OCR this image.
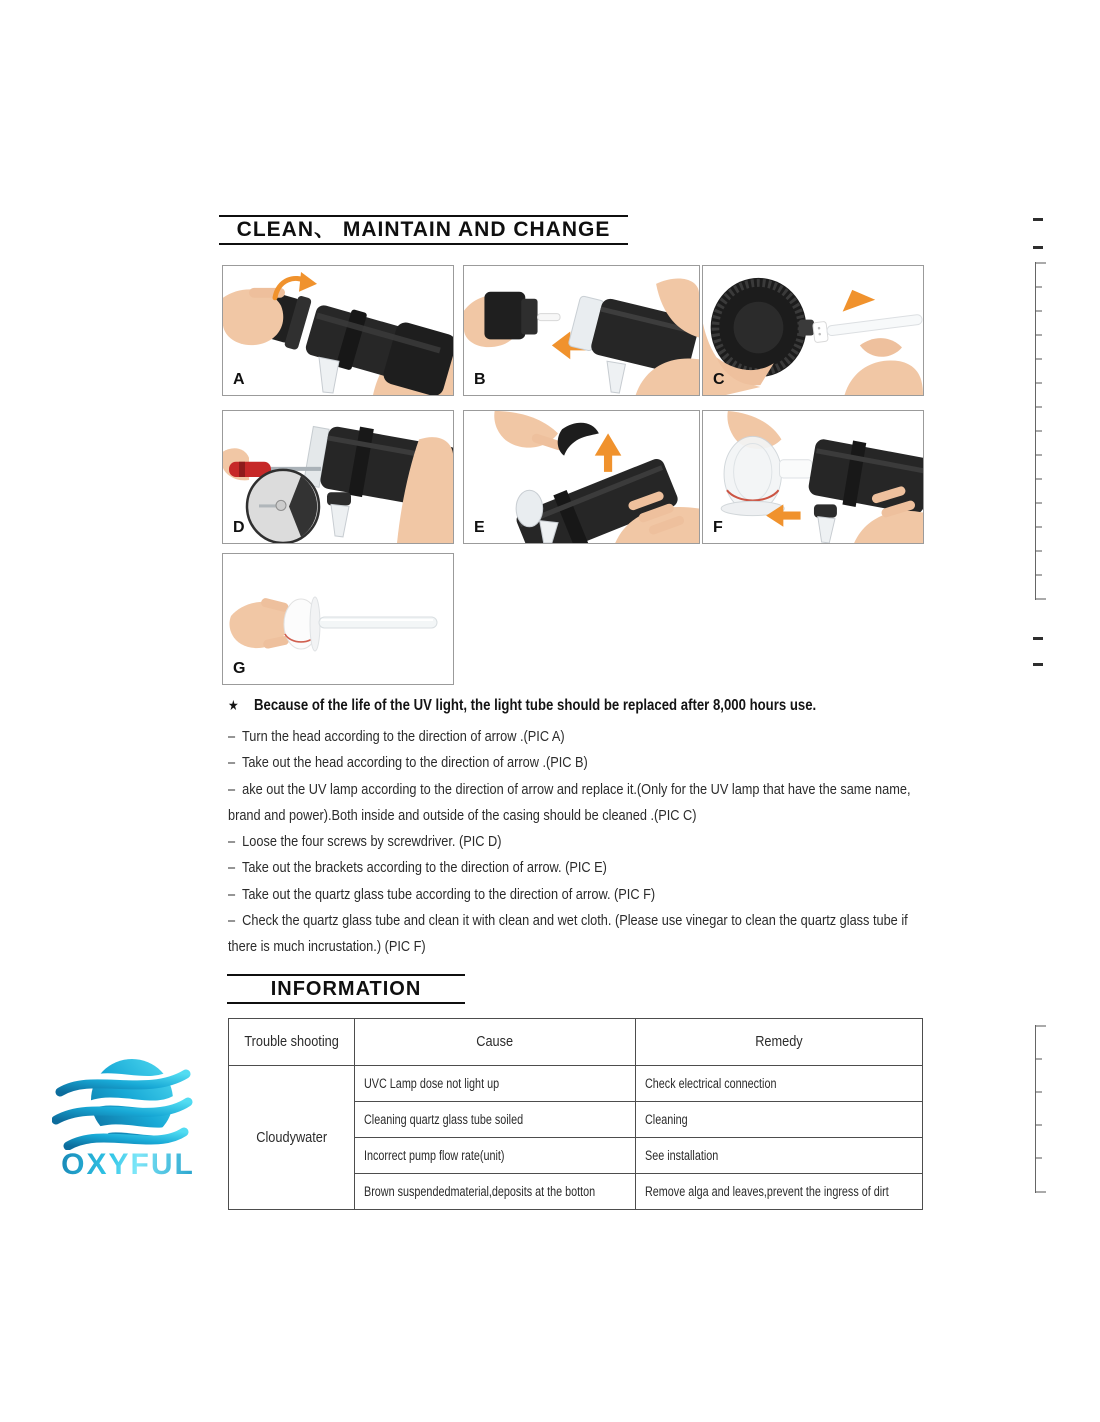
CLEAN、 MAINTAIN AND CHANGE
A	B	C
D	E	F
G
★ Because of the life of the UV light, the light tube should be replaced after 8,000 hours use.

–  Turn the head according to the direction of arrow .(PIC A)

–  Take out the head according to the direction of arrow .(PIC B)

–  ake out the UV lamp according to the direction of arrow and replace it.(Only for the UV lamp that have the same name, brand and power).Both inside and outside of the casing should be cleaned .(PIC C)

–  Loose the four screws by screwdriver. (PIC D)

–  Take out the brackets according to the direction of arrow. (PIC E)

–  Take out the quartz glass tube according to the direction of arrow. (PIC F)

–  Check the quartz glass tube and clean it with clean and wet cloth. (Please use vinegar to clean the quartz glass tube if there is much incrustation.) (PIC F)

INFORMATION
Trouble shooting	Cause	Remedy
Cloudywater	UVC Lamp dose not light up	Check electrical connection
	Cleaning quartz glass tube soiled	Cleaning
	Incorrect pump flow rate(unit)	See installation
	Brown suspendedmaterial,deposits at the botton	Remove alga and leaves,prevent the ingress of dirt
OXYFUL
